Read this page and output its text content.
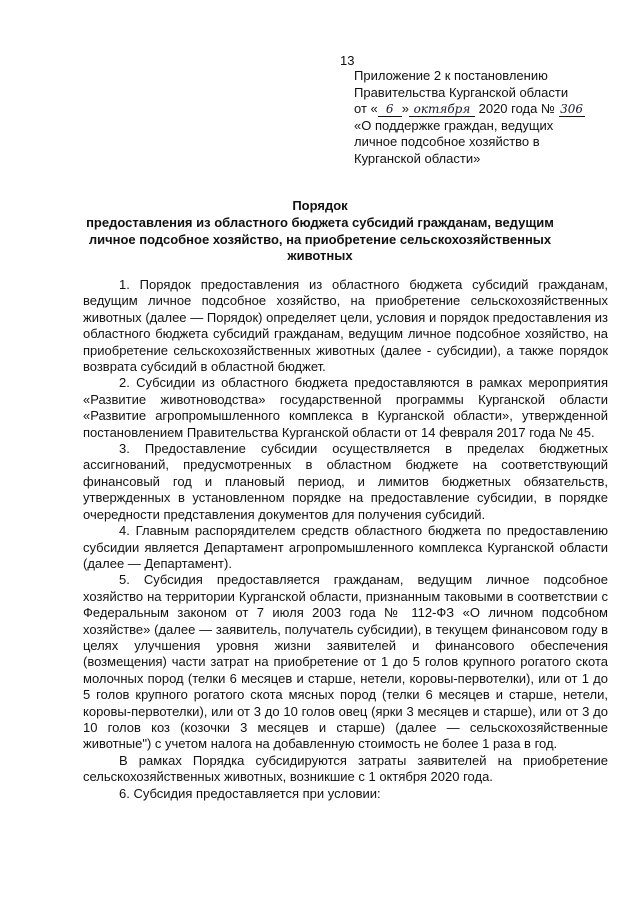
13
Приложение 2 к постановлению
Правительства Курганской области
от « 6 » октября 2020 года № 306
«О поддержке граждан, ведущих
личное подсобное хозяйство в
Курганской области»
Порядок
предоставления из областного бюджета субсидий гражданам, ведущим личное подсобное хозяйство, на приобретение сельскохозяйственных животных

1. Порядок предоставления из областного бюджета субсидий гражданам, ведущим личное подсобное хозяйство, на приобретение сельскохозяйственных животных (далее — Порядок) определяет цели, условия и порядок предоставления из областного бюджета субсидий гражданам, ведущим личное подсобное хозяйство, на приобретение сельскохозяйственных животных (далее - субсидии), а также порядок возврата субсидий в областной бюджет.

2. Субсидии из областного бюджета предоставляются в рамках мероприятия «Развитие животноводства» государственной программы Курганской области «Развитие агропромышленного комплекса в Курганской области», утвержденной постановлением Правительства Курганской области от 14 февраля 2017 года № 45.

3. Предоставление субсидии осуществляется в пределах бюджетных ассигнований, предусмотренных в областном бюджете на соответствующий финансовый год и плановый период, и лимитов бюджетных обязательств, утвержденных в установленном порядке на предоставление субсидии, в порядке очередности представления документов для получения субсидий.

4. Главным распорядителем средств областного бюджета по предоставлению субсидии является Департамент агропромышленного комплекса Курганской области (далее — Департамент).

5. Субсидия предоставляется гражданам, ведущим личное подсобное хозяйство на территории Курганской области, признанным таковыми в соответствии с Федеральным законом от 7 июля 2003 года № 112-ФЗ «О личном подсобном хозяйстве» (далее — заявитель, получатель субсидии), в текущем финансовом году в целях улучшения уровня жизни заявителей и финансового обеспечения (возмещения) части затрат на приобретение от 1 до 5 голов крупного рогатого скота молочных пород (телки 6 месяцев и старше, нетели, коровы-первотелки), или от 1 до 5 голов крупного рогатого скота мясных пород (телки 6 месяцев и старше, нетели, коровы-первотелки), или от 3 до 10 голов овец (ярки 3 месяцев и старше), или от 3 до 10 голов коз (козочки 3 месяцев и старше) (далее — сельскохозяйственные животные") с учетом налога на добавленную стоимость не более 1 раза в год.

В рамках Порядка субсидируются затраты заявителей на приобретение сельскохозяйственных животных, возникшие с 1 октября 2020 года.

6. Субсидия предоставляется при условии:
